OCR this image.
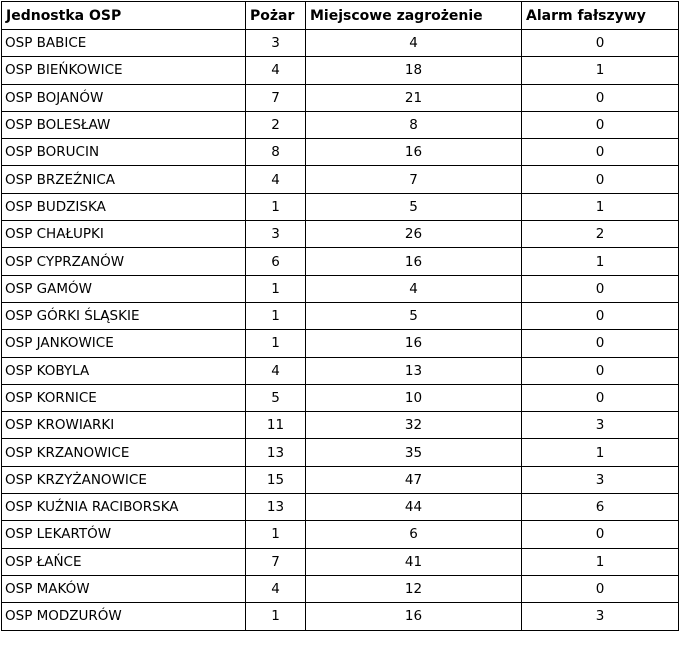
Jednostka OSP	Pożar	Miejscowe zagrożenie	Alarm fałszywy
OSP BABICE	3	4	0
OSP BIEŃKOWICE	4	18	1
OSP BOJANÓW	7	21	0
OSP BOLESŁAW	2	8	0
OSP BORUCIN	8	16	0
OSP BRZEŹNICA	4	7	0
OSP BUDZISKA	1	5	1
OSP CHAŁUPKI	3	26	2
OSP CYPRZANÓW	6	16	1
OSP GAMÓW	1	4	0
OSP GÓRKI ŚLĄSKIE	1	5	0
OSP JANKOWICE	1	16	0
OSP KOBYLA	4	13	0
OSP KORNICE	5	10	0
OSP KROWIARKI	11	32	3
OSP KRZANOWICE	13	35	1
OSP KRZYŻANOWICE	15	47	3
OSP KUŹNIA RACIBORSKA	13	44	6
OSP LEKARTÓW	1	6	0
OSP ŁAŃCE	7	41	1
OSP MAKÓW	4	12	0
OSP MODZURÓW	1	16	3
